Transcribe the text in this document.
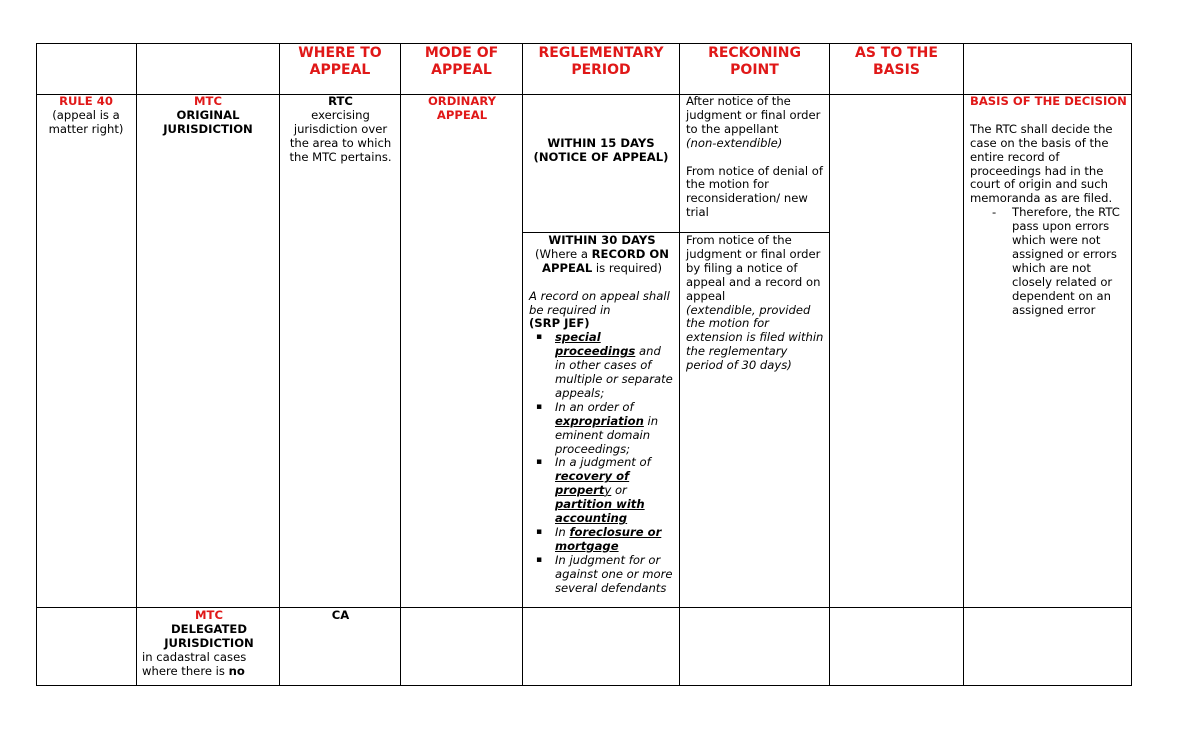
WHERE TO
APPEAL
MODE OF
APPEAL
REGLEMENTARY
PERIOD
RECKONING
POINT
AS TO THE
BASIS
RULE 40
(appeal is a matter right)
MTC
ORIGINAL JURISDICTION
RTC
exercising jurisdiction over the area to which the MTC pertains.
ORDINARY APPEAL
WITHIN 15 DAYS
(NOTICE OF APPEAL)
After notice of the judgment or final order to the appellant
(non-extendible)
From notice of denial of the motion for reconsideration/ new trial
WITHIN 30 DAYS
(Where a RECORD ON APPEAL is required)
A record on appeal shall be required in
(SRP JEF)
▪ special proceedings and in other cases of multiple or separate appeals;
▪ In an order of expropriation in eminent domain proceedings;
▪ In a judgment of recovery of property or partition with accounting
▪ In foreclosure or mortgage
▪ In judgment for or against one or more several defendants
From notice of the judgment or final order by filing a notice of appeal and a record on appeal
(extendible, provided the motion for extension is filed within the reglementary period of 30 days)
BASIS OF THE DECISION
The RTC shall decide the case on the basis of the entire record of proceedings had in the court of origin and such memoranda as are filed.
- Therefore, the RTC pass upon errors which were not assigned or errors which are not closely related or dependent on an assigned error
MTC
DELEGATED JURISDICTION
in cadastral cases where there is no
CA
